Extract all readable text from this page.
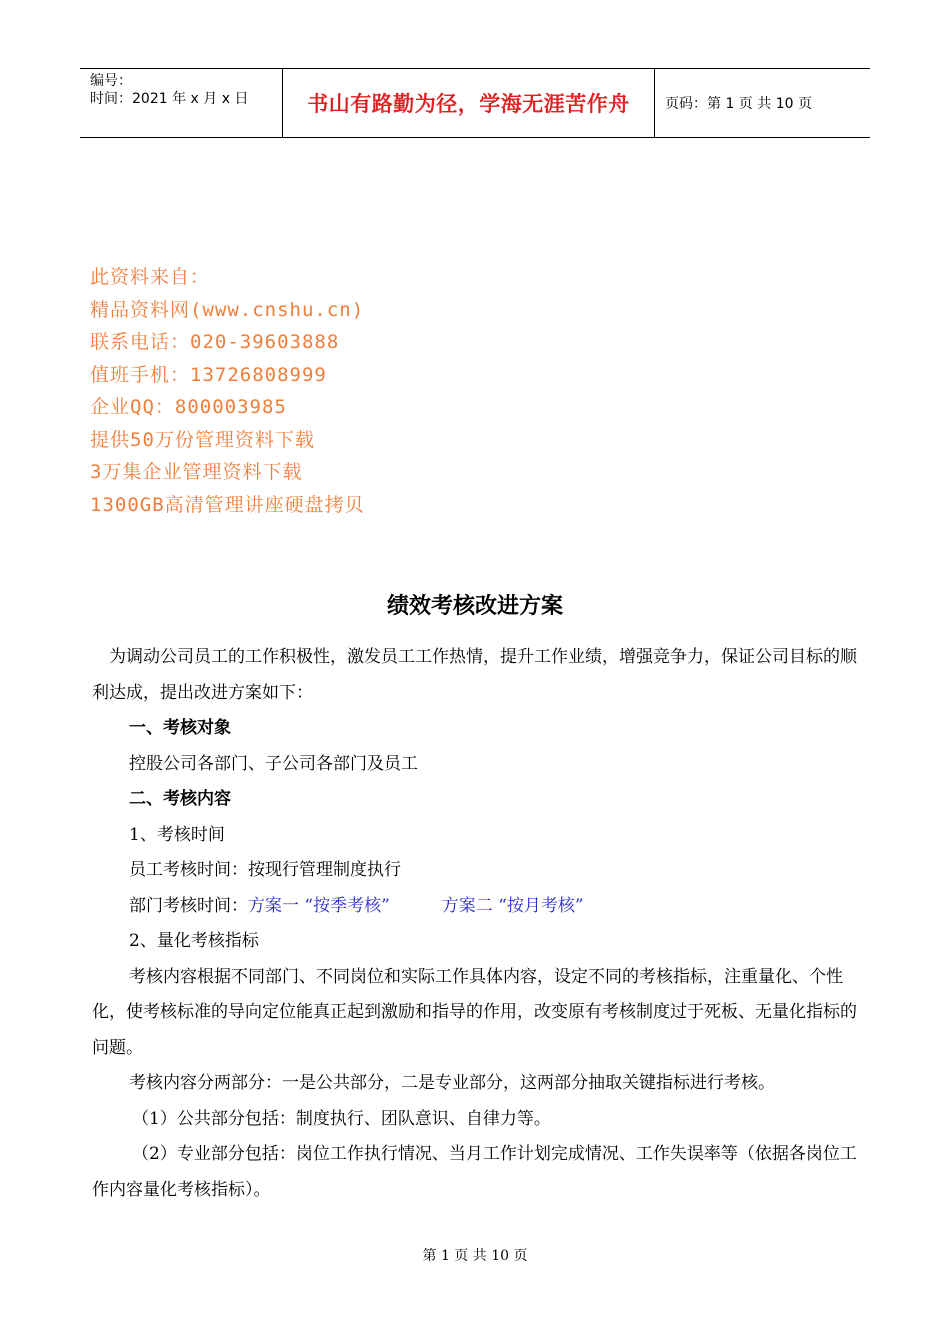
编号：
时间：2021 年 x 月 x 日	书山有路勤为径，学海无涯苦作舟	页码：第 1 页 共 10 页
此资料来自：
精品资料网(www.cnshu.cn)
联系电话：020-39603888
值班手机：13726808999
企业QQ：800003985
提供50万份管理资料下载
3万集企业管理资料下载
1300GB高清管理讲座硬盘拷贝
绩效考核改进方案

为调动公司员工的工作积极性，激发员工工作热情，提升工作业绩，增强竞争力，保证公司目标的顺利达成，提出改进方案如下：

一、考核对象

控股公司各部门、子公司各部门及员工

二、考核内容

1、考核时间

员工考核时间：按现行管理制度执行

部门考核时间：方案一 “按季考核”	方案二 “按月考核”

2、量化考核指标

考核内容根据不同部门、不同岗位和实际工作具体内容，设定不同的考核指标，注重量化、个性化，使考核标准的导向定位能真正起到激励和指导的作用，改变原有考核制度过于死板、无量化指标的问题。

考核内容分两部分：一是公共部分，二是专业部分，这两部分抽取关键指标进行考核。

（1）公共部分包括：制度执行、团队意识、自律力等。

（2）专业部分包括：岗位工作执行情况、当月工作计划完成情况、工作失误率等（依据各岗位工作内容量化考核指标）。

第 1 页 共 10 页
